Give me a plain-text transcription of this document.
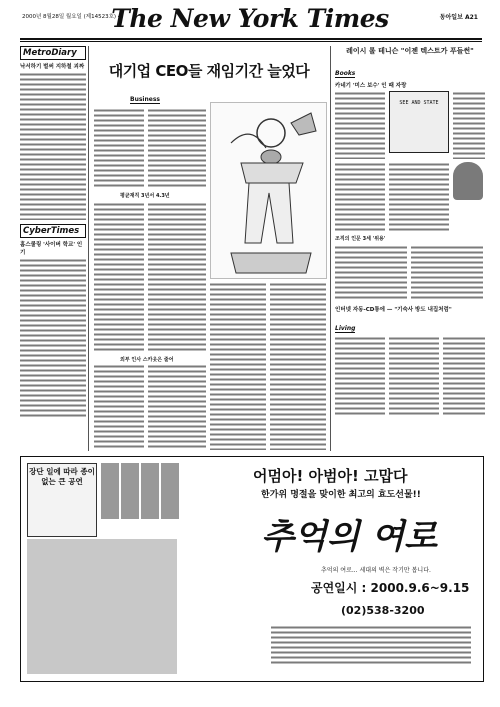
2000년 8월28일 월요일 (제14523호) 4
The New York Times	동아일보 A21
MetroDiary
낙서하기 벌써 지하철 괴짜
CyberTimes
홈스쿨링 '사이버 학교' 인기
대기업 CEO들 재임기간 늘었다
Business
평균재직 3년서 4.3년
외부 인사 스카웃은 줄어
레이시 롤 테니슨 "이젠 텍스트가 푸들썬"
Books
카네기 '미스 보수' 인 때 자랑
SEE AND STATE
조직의 인문 3세 '위용'
인터넷 자동-CD통에 — "기숙사 방도 내집처럼"
Living
장단 일에 따라 종이 없는 큰 공연	어멈아! 아범아! 고맙다
한가위 명절을 맞이한 최고의 효도선물!!
추억의 여로
추억의 여로... 세대의 벽은 작기만 봅니다.
공연일시 : 2000.9.6~9.15
(02)538-3200
